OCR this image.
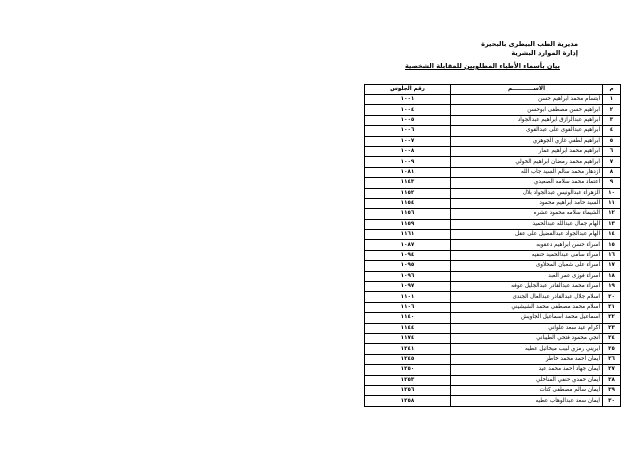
مديرية الطب البيطرى بالبحيرة
إدارة الموارد البشرية
بيان بأسماء الأطباء المطلوبين للمقابلة الشخصية
م	الاســـــــــــم	رقم الجلوس
١	ابتسام محمد ابراهيم حسن	١٠٠١
٢	ابراهيم حسن مصطفى ابوحسن	١٠٠٤
٣	ابراهيم عبدالرازق ابراهيم عبدالجواد	١٠٠٥
٤	ابراهيم عبدالقوى على عبدالقوى	١٠٠٦
٥	ابراهيم لطفي غازي الجوهري	١٠٠٧
٦	ابراهيم محمد ابراهيم عمار	١٠٠٨
٧	ابراهيم محمد رمضان ابراهيم الخولي	١٠٠٩
٨	ازدهار محمد سالم السيد جاب الله	١٠٨١
٩	اعتماد محمد سلامه الصعيدي	١١٤٣
١٠	الزهراء عبدالونيس عبدالجواد بلال	١١٥٢
١١	السيد حامد ابراهيم محمود	١١٥٤
١٢	الشيماء سلامه محمود عشره	١١٥٦
١٣	الهام جمال عبدالله عبدالحميد	١١٥٩
١٤	الهام عبدالجواد عبدالفضيل على عقل	١١٦١
١٥	اسراء حسن ابراهيم دعقوبه	١٠٨٧
١٦	اسراء سامى عبدالحميد حنفيه	١٠٩٤
١٧	اسراء على شعبان المحلاوى	١٠٩٥
١٨	اسراء فوزى عمر العبد	١٠٩٦
١٩	اسراء محمد عبدالقادر عبدالجليل عوفه	١٠٩٧
٢٠	اسلام جلال عبدالقادر عبدالعال الجندى	١١٠١
٢١	اسلام محمد مصطفى محمد الشيشيني	١١٠٦
٢٢	اسماعيل محمد اسماعيل الجاويش	١١٤٠
٢٣	اكرام عيد سعد علواني	١١٤٤
٢٤	انجي محمود فتحي الطيباني	١١٧٤
٢٥	ايريني رمزي لبيب ميخائيل عطيه	١٢٤١
٢٦	ايمان احمد محمد خاطر	١٢٤٥
٢٧	ايمان جهاد احمد محمد عيد	١٢٥٠
٢٨	ايمان حمدي حنفي المناخلي	١٢٥٣
٢٩	ايمان سالم مصطفى كتات	١٢٥٦
٣٠	ايمان سعد عبدالوهاب عطيه	١٢٥٨
